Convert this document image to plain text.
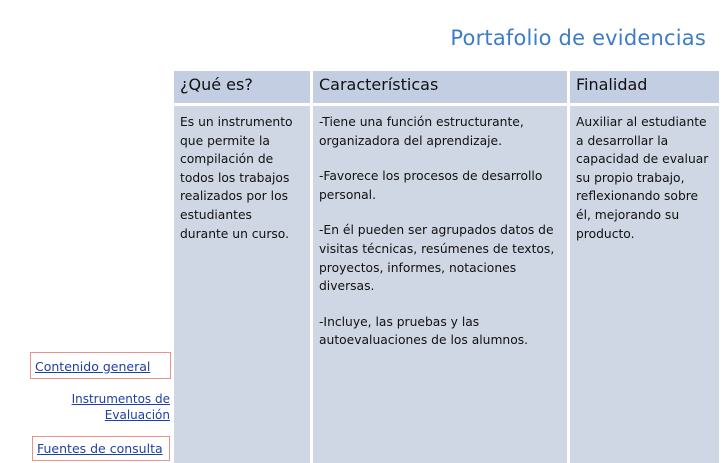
Portafolio de evidencias
¿Qué es?

Es un instrumento que permite la compilación de todos los trabajos realizados por los estudiantes durante un curso.

Características

-Tiene una función estructurante, organizadora del aprendizaje.

-Favorece los procesos de desarrollo personal.

-En él pueden ser agrupados datos de visitas técnicas, resúmenes de textos, proyectos, informes, notaciones diversas.

-Incluye, las pruebas y las autoevaluaciones de los alumnos.

Finalidad

Auxiliar al estudiante a desarrollar la capacidad de evaluar su propio trabajo, reflexionando sobre él, mejorando su producto.

Contenido general
Instrumentos de
Evaluación
Fuentes de consulta
